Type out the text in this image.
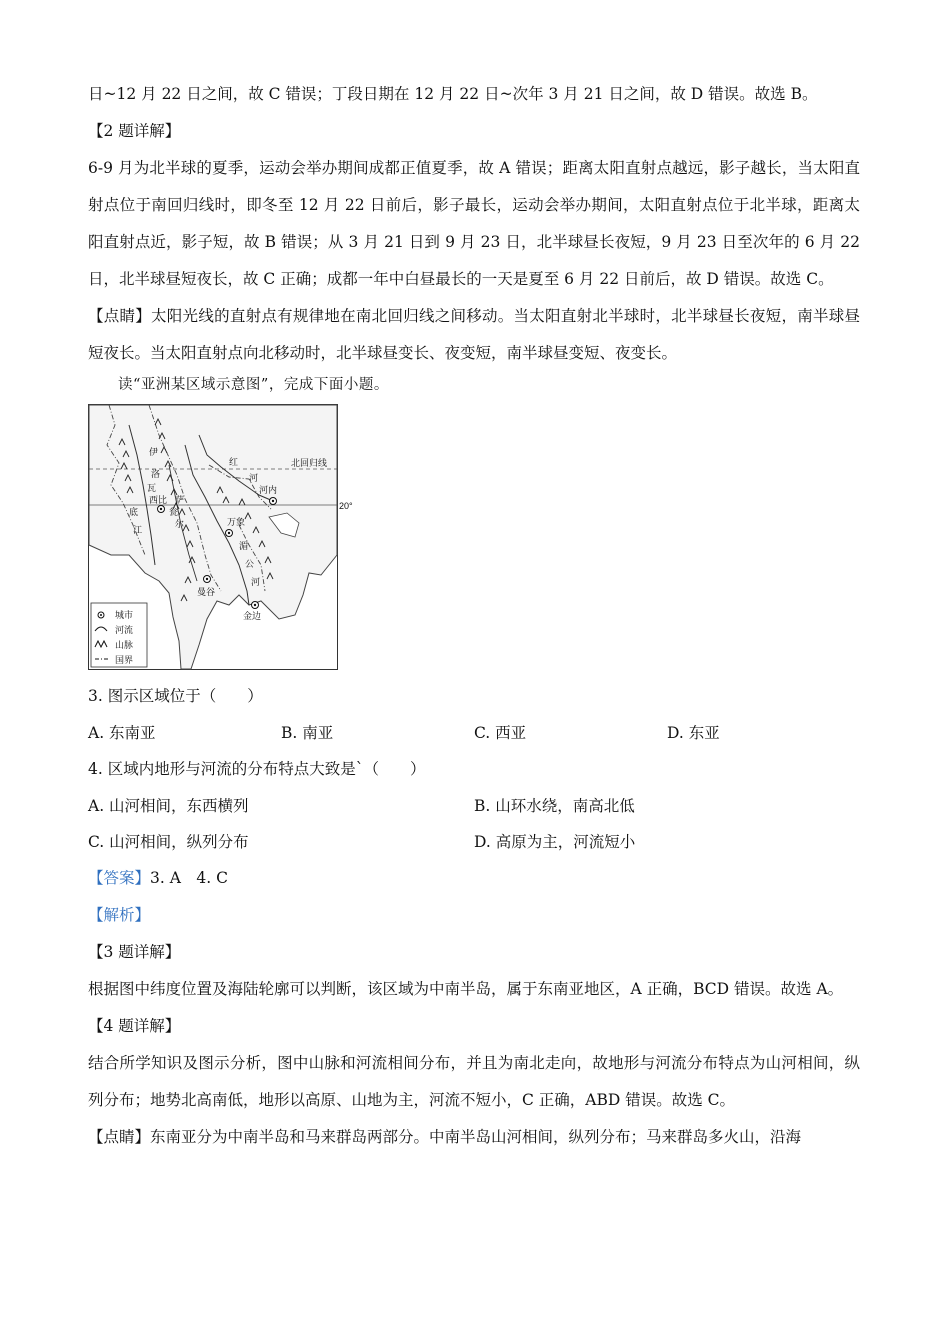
日~12 月 22 日之间，故 C 错误；丁段日期在 12 月 22 日~次年 3 月 21 日之间，故 D 错误。故选 B。
【2 题详解】
6-9 月为北半球的夏季，运动会举办期间成都正值夏季，故 A 错误；距离太阳直射点越远，影子越长，当太阳直射点位于南回归线时，即冬至 12 月 22 日前后，影子最长，运动会举办期间，太阳直射点位于北半球，距离太阳直射点近，影子短，故 B 错误；从 3 月 21 日到 9 月 23 日，北半球昼长夜短，9 月 23 日至次年的 6 月 22 日，北半球昼短夜长，故 C 正确；成都一年中白昼最长的一天是夏至 6 月 22 日前后，故 D 错误。故选 C。
【点睛】太阳光线的直射点有规律地在南北回归线之间移动。当太阳直射北半球时，北半球昼长夜短，南半球昼短夜长。当太阳直射点向北移动时，北半球昼变长、夜变短，南半球昼变短、夜变长。
读“亚洲某区域示意图”，完成下面小题。
北回归线
20°
红
河
河内
伊
洛
瓦
底
江
西比
瓮
万象
湄
公
河
曼谷
金边
萨
尔
城市
河流
山脉
国界
3. 图示区域位于（　　）
A. 东南亚	B. 南亚	C. 西亚	D. 东亚
4. 区域内地形与河流的分布特点大致是`（　　）
A. 山河相间，东西横列	B. 山环水绕，南高北低
C. 山河相间，纵列分布	D. 高原为主，河流短小
【答案】3. A　4. C
【解析】
【3 题详解】
根据图中纬度位置及海陆轮廓可以判断，该区域为中南半岛，属于东南亚地区，A 正确，BCD 错误。故选 A。
【4 题详解】
结合所学知识及图示分析，图中山脉和河流相间分布，并且为南北走向，故地形与河流分布特点为山河相间，纵列分布；地势北高南低，地形以高原、山地为主，河流不短小，C 正确，ABD 错误。故选 C。
【点睛】东南亚分为中南半岛和马来群岛两部分。中南半岛山河相间，纵列分布；马来群岛多火山，沿海
